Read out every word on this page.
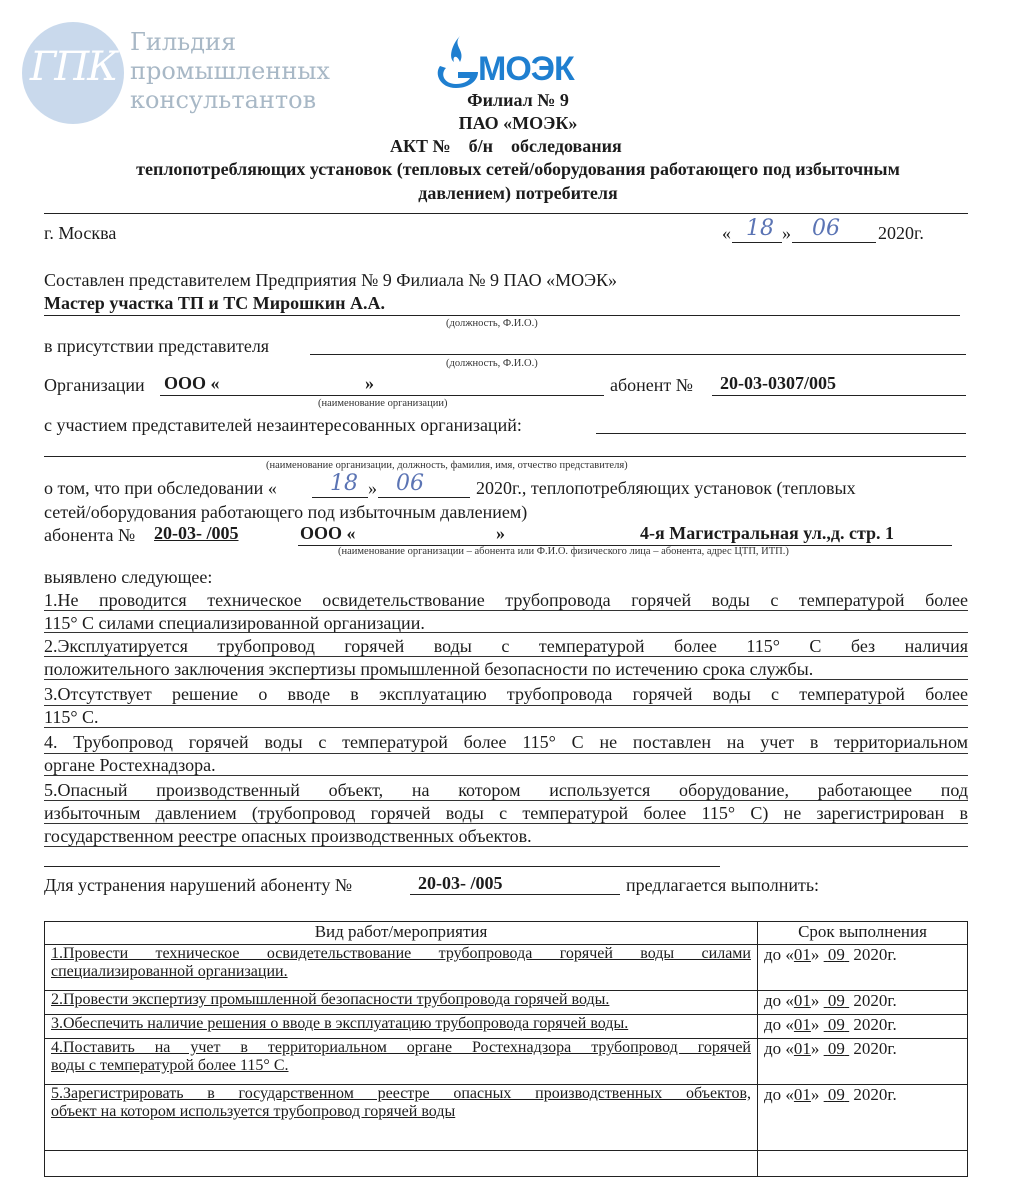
ГПК
Гильдия
промышленных
консультантов
МОЭК
Филиал № 9
ПАО «МОЭК»
АКТ № б/н обследования
теплопотребляющих установок (тепловых сетей/оборудования работающего под избыточным
давлением) потребителя
г. Москва	« 18 » 06 2020г.
Составлен представителем Предприятия № 9 Филиала № 9 ПАО «МОЭК»
Мастер участка ТП и ТС Мирошкин А.А.
(должность, Ф.И.О.)
в присутствии представителя
(должность, Ф.И.О.)
Организации ООО «	»	абонент № 20-03-0307/005
(наименование организации)
с участием представителей незаинтересованных организаций:
(наименование организации, должность, фамилия, имя, отчество представителя)
о том, что при обследовании « 18 » 06	2020г., теплопотребляющих установок (тепловых
сетей/оборудования работающего под избыточным давлением)
абонента № 20-03- /005	ООО «	»	4-я Магистральная ул.,д. стр. 1
(наименование организации – абонента или Ф.И.О. физического лица – абонента, адрес ЦТП, ИТП.)
выявлено следующее:
1.Не проводится техническое освидетельствование трубопровода горячей воды с температурой более
115° С силами специализированной организации.
2.Эксплуатируется трубопровод горячей воды с температурой более 115° С без наличия
положительного заключения экспертизы промышленной безопасности по истечению срока службы.
3.Отсутствует решение о вводе в эксплуатацию трубопровода горячей воды с температурой более
115° С.
4. Трубопровод горячей воды с температурой более 115° С не поставлен на учет в территориальном
органе Ростехнадзора.
5.Опасный производственный объект, на котором используется оборудование, работающее под
избыточным давлением (трубопровод горячей воды с температурой более 115° С) не зарегистрирован в
государственном реестре опасных производственных объектов.
Для устранения нарушений абоненту №	20-03- /005	предлагается выполнить:
Вид работ/мероприятия	Срок выполнения

1.Провести техническое освидетельствование трубопровода горячей воды силами
специализированной организации.	до «01» 09 2020г.

2.Провести экспертизу промышленной безопасности трубопровода горячей воды.	до «01» 09 2020г.

3.Обеспечить наличие решения о вводе в эксплуатацию трубопровода горячей воды.	до «01» 09 2020г.

4.Поставить на учет в территориальном органе Ростехнадзора трубопровод горячей
воды с температурой более 115° С.	до «01» 09 2020г.

5.Зарегистрировать в государственном реестре опасных производственных объектов,
объект на котором используется трубопровод горячей воды	до «01» 09 2020г.
